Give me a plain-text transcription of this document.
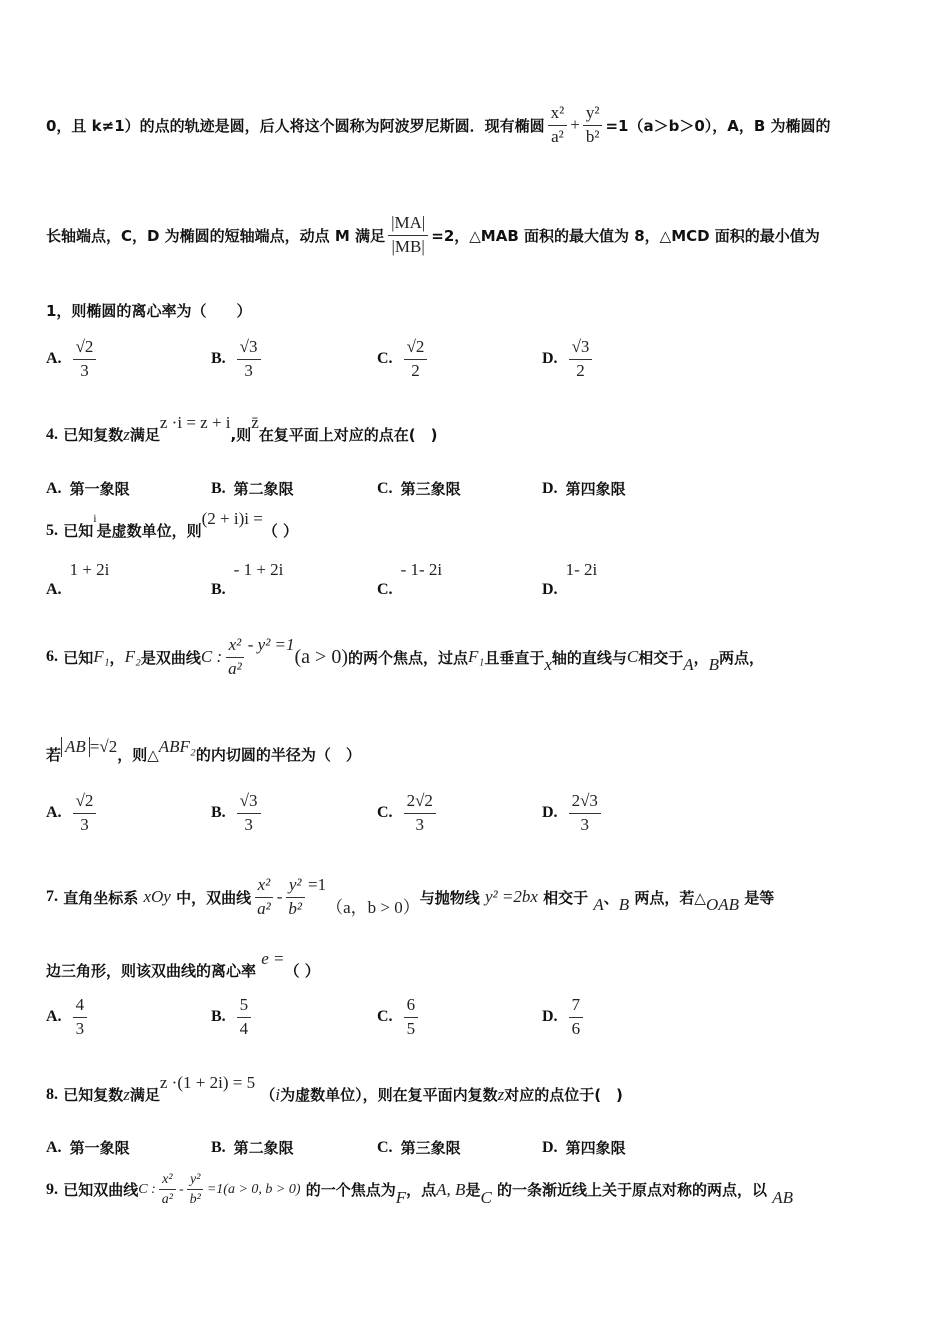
0，且 k≠1）的点的轨迹是圆，后人将这个圆称为阿波罗尼斯圆．现有椭圆 $\frac{\text{x²}}{\text{a²}} + \frac{\text{y²}}{\text{b²}} =1(a>b>0)$，A，B 为椭圆的
长轴端点，C，D 为椭圆的短轴端点，动点 M 满足 $\frac{|MA|}{|MB|} =2$，△MAB 面积的最大值为 8，△MCD 面积的最小值为
1，则椭圆的离心率为（　　）
A. $\frac{√2}{3}$	B. $\frac{√3}{3}$	C. $\frac{√2}{2}$	D. $\frac{√3}{2}$
4.
已知复数 z 满足
z ·i = z + i
,则
z̄
在复平面上对应的点在(　)
A. 第一象限	B. 第二象限	C. 第三象限	D. 第四象限
5.
已知
i
是虚数单位，则
(2 + i)i =
（ ）
A.
1 + 2i
B.
- 1 + 2i
C.
- 1- 2i
D.
1- 2i
6.
已知 F₁ ， F₂ 是双曲线 C : $\frac{\text{x²}}{\text{a²}} - y^2 =1$
(a > 0) 的两个焦点，过点 F₁ 且垂直于 x 轴的直线与 C 相交于 A ， B 两点，
若 AB =√2 ，则△ ABF₂ 的内切圆的半径为（　）
A. $\frac{√2}{3}$	B. $\frac{√3}{3}$	C. $\frac{2√2}{3}$	D. $\frac{2√3}{3}$
7.
直角坐标系
xOy
中，双曲线 $\frac{\text{x²}}{\text{a²}} - \frac{\text{y²}}{\text{b²}} =1$
（a，b > 0） 与抛物线
y² =2bx
相交于
A 、 B
两点，若△ OAB
是等
边三角形，则该双曲线的离心率

e =
（ ）
A. $\frac{4}{3}$	B. $\frac{5}{4}$	C. $\frac{6}{5}$	D. $\frac{7}{6}$
8.
已知复数 z 满足
z ·(1 + 2i) = 5

（ i 为虚数单位），则在复平面内复数 z 对应的点位于(　)
A. 第一象限	B. 第二象限	C. 第三象限	D. 第四象限
9.
已知双曲线 C : $\frac{\text{x²}}{\text{a²}} - \frac{\text{y²}}{\text{b²}} =1(a > 0$, b > 0)
的一个焦点为 F ，点 A, B 是 C
的一条渐近线上关于原点对称的两点，以
AB
